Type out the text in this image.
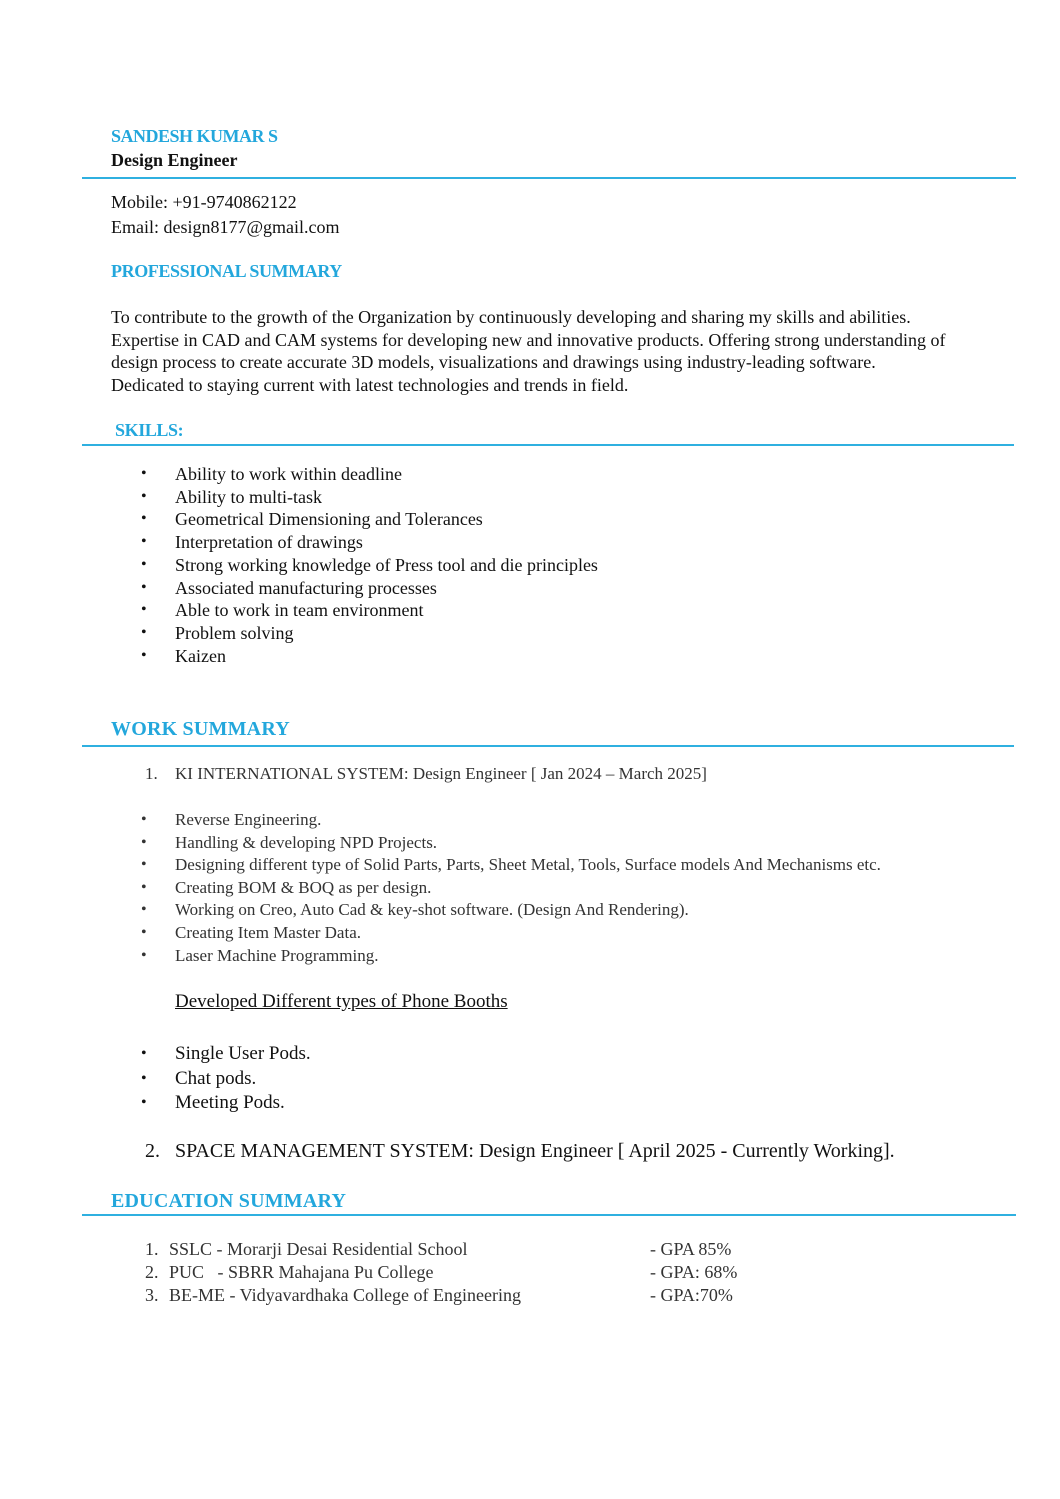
SANDESH KUMAR S
Design Engineer
Mobile: +91-9740862122
Email: design8177@gmail.com
PROFESSIONAL SUMMARY
To contribute to the growth of the Organization by continuously developing and sharing my skills and abilities.
Expertise in CAD and CAM systems for developing new and innovative products. Offering strong understanding of
design process to create accurate 3D models, visualizations and drawings using industry-leading software.
Dedicated to staying current with latest technologies and trends in field.
SKILLS:
• Ability to work within deadline
• Ability to multi-task
• Geometrical Dimensioning and Tolerances
• Interpretation of drawings
• Strong working knowledge of Press tool and die principles
• Associated manufacturing processes
• Able to work in team environment
• Problem solving
• Kaizen
WORK SUMMARY
1. KI INTERNATIONAL SYSTEM: Design Engineer [ Jan 2024 – March 2025]
• Reverse Engineering.
• Handling & developing NPD Projects.
• Designing different type of Solid Parts, Parts, Sheet Metal, Tools, Surface models And Mechanisms etc.
• Creating BOM & BOQ as per design.
• Working on Creo, Auto Cad & key-shot software. (Design And Rendering).
• Creating Item Master Data.
• Laser Machine Programming.
Developed Different types of Phone Booths
• Single User Pods.
• Chat pods.
• Meeting Pods.
2. SPACE MANAGEMENT SYSTEM: Design Engineer [ April 2025 - Currently Working].
EDUCATION SUMMARY
1. SSLC - Morarji Desai Residential School	- GPA 85%
2. PUC   - SBRR Mahajana Pu College	- GPA: 68%
3. BE-ME - Vidyavardhaka College of Engineering	- GPA:70%
